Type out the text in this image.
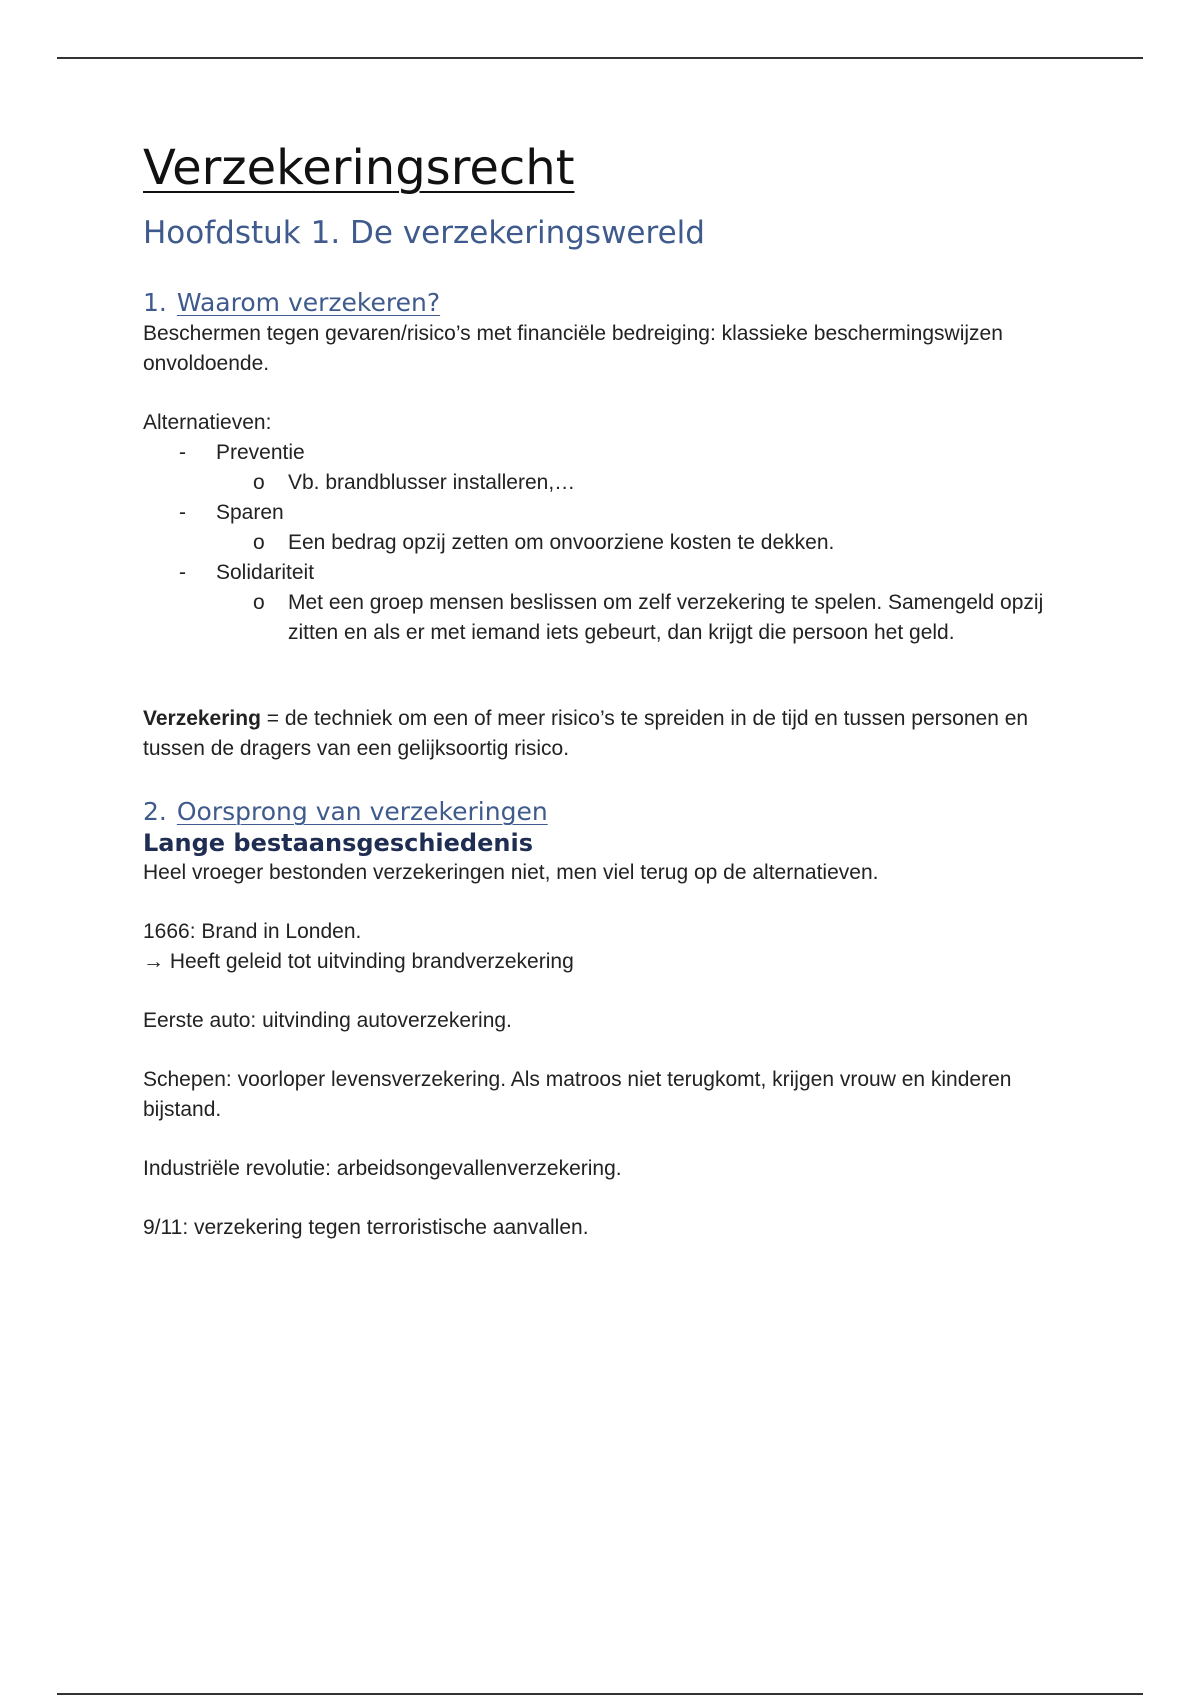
Verzekeringsrecht
Hoofdstuk 1. De verzekeringswereld
1. Waarom verzekeren?

Beschermen tegen gevaren/risico’s met financiële bedreiging: klassieke beschermingswijzen onvoldoende.

Alternatieven:

- Preventie
o Vb. brandblusser installeren,…
- Sparen
o Een bedrag opzij zetten om onvoorziene kosten te dekken.
- Solidariteit
o Met een groep mensen beslissen om zelf verzekering te spelen. Samengeld opzij zitten en als er met iemand iets gebeurt, dan krijgt die persoon het geld.

Verzekering = de techniek om een of meer risico’s te spreiden in de tijd en tussen personen en tussen de dragers van een gelijksoortig risico.

2. Oorsprong van verzekeringen
Lange bestaansgeschiedenis

Heel vroeger bestonden verzekeringen niet, men viel terug op de alternatieven.

1666: Brand in Londen.

→ Heeft geleid tot uitvinding brandverzekering

Eerste auto: uitvinding autoverzekering.

Schepen: voorloper levensverzekering. Als matroos niet terugkomt, krijgen vrouw en kinderen bijstand.

Industriële revolutie: arbeidsongevallenverzekering.

9/11: verzekering tegen terroristische aanvallen.
